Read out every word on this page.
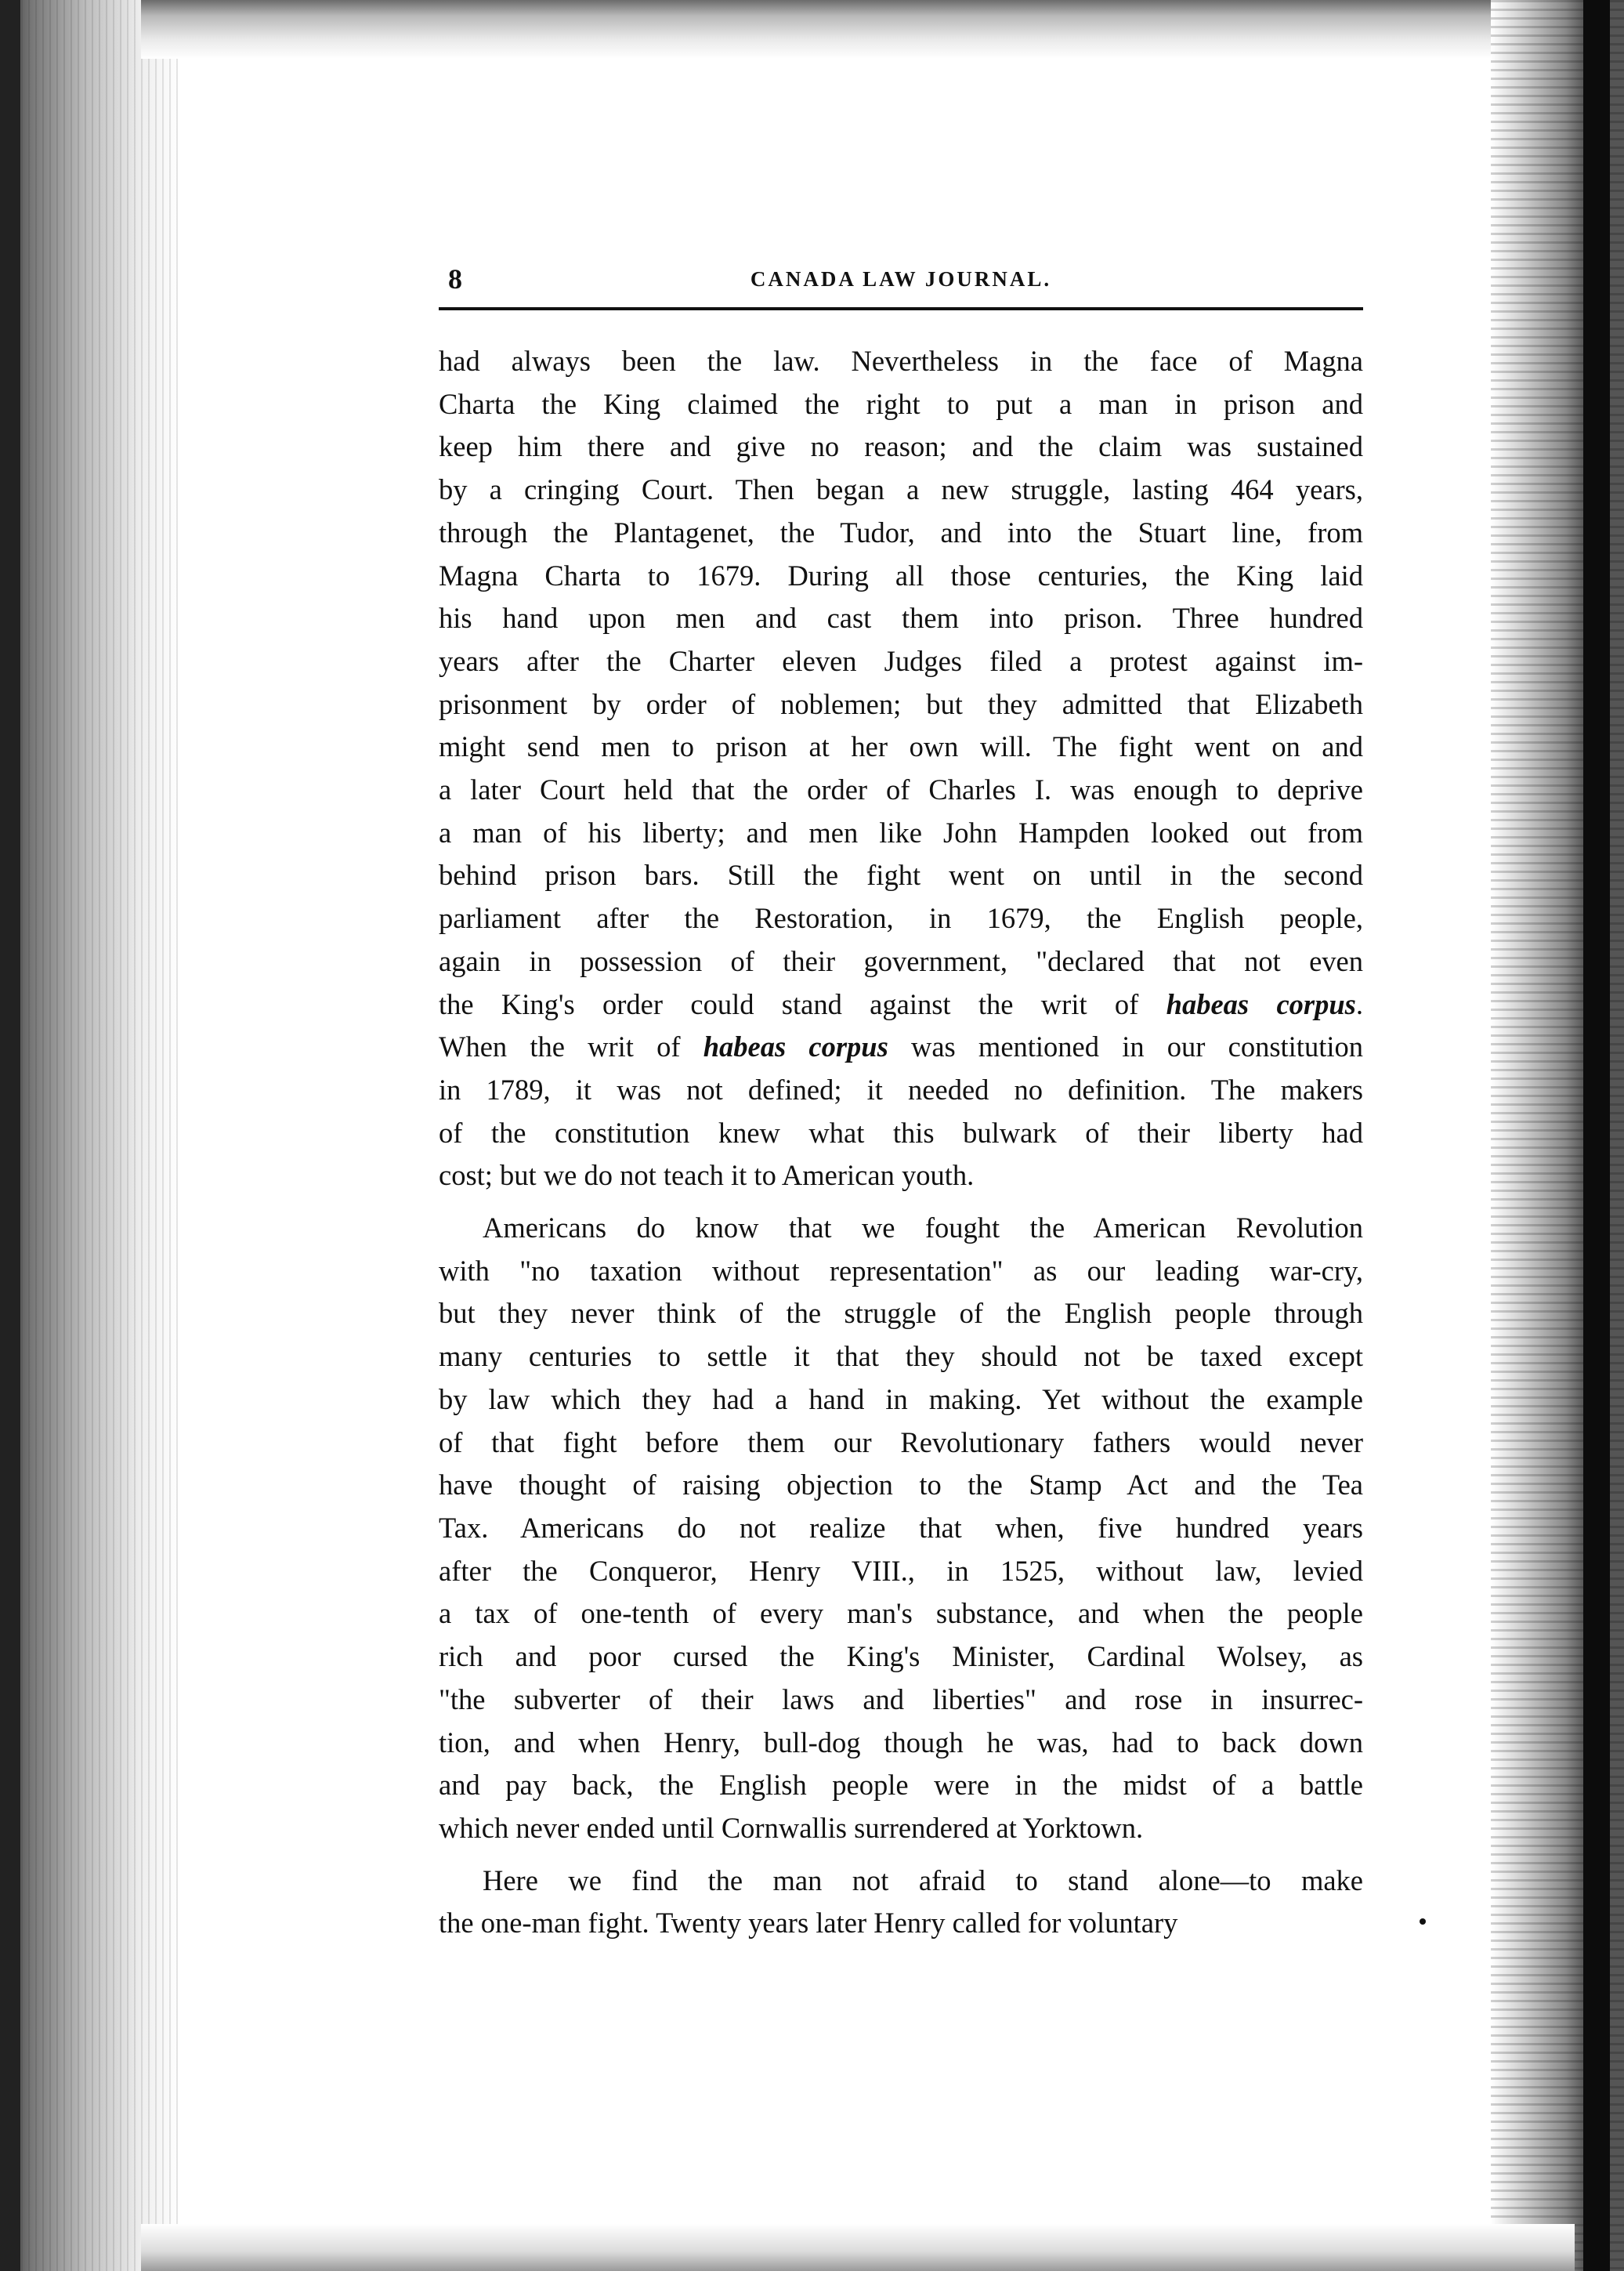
8	CANADA LAW JOURNAL.
had always been the law. Nevertheless in the face of Magna
Charta the King claimed the right to put a man in prison and
keep him there and give no reason; and the claim was sustained
by a cringing Court. Then began a new struggle, lasting 464 years,
through the Plantagenet, the Tudor, and into the Stuart line, from
Magna Charta to 1679. During all those centuries, the King laid
his hand upon men and cast them into prison. Three hundred
years after the Charter eleven Judges filed a protest against im-
prisonment by order of noblemen; but they admitted that Elizabeth
might send men to prison at her own will. The fight went on and
a later Court held that the order of Charles I. was enough to deprive
a man of his liberty; and men like John Hampden looked out from
behind prison bars. Still the fight went on until in the second
parliament after the Restoration, in 1679, the English people,
again in possession of their government, "declared that not even
the King's order could stand against the writ of habeas corpus.
When the writ of habeas corpus was mentioned in our constitution
in 1789, it was not defined; it needed no definition. The makers
of the constitution knew what this bulwark of their liberty had
cost; but we do not teach it to American youth.
Americans do know that we fought the American Revolution
with "no taxation without representation" as our leading war-cry,
but they never think of the struggle of the English people through
many centuries to settle it that they should not be taxed except
by law which they had a hand in making. Yet without the example
of that fight before them our Revolutionary fathers would never
have thought of raising objection to the Stamp Act and the Tea
Tax. Americans do not realize that when, five hundred years
after the Conqueror, Henry VIII., in 1525, without law, levied
a tax of one-tenth of every man's substance, and when the people
rich and poor cursed the King's Minister, Cardinal Wolsey, as
"the subverter of their laws and liberties" and rose in insurrec-
tion, and when Henry, bull-dog though he was, had to back down
and pay back, the English people were in the midst of a battle
which never ended until Cornwallis surrendered at Yorktown.
Here we find the man not afraid to stand alone—to make
the one-man fight. Twenty years later Henry called for voluntary
